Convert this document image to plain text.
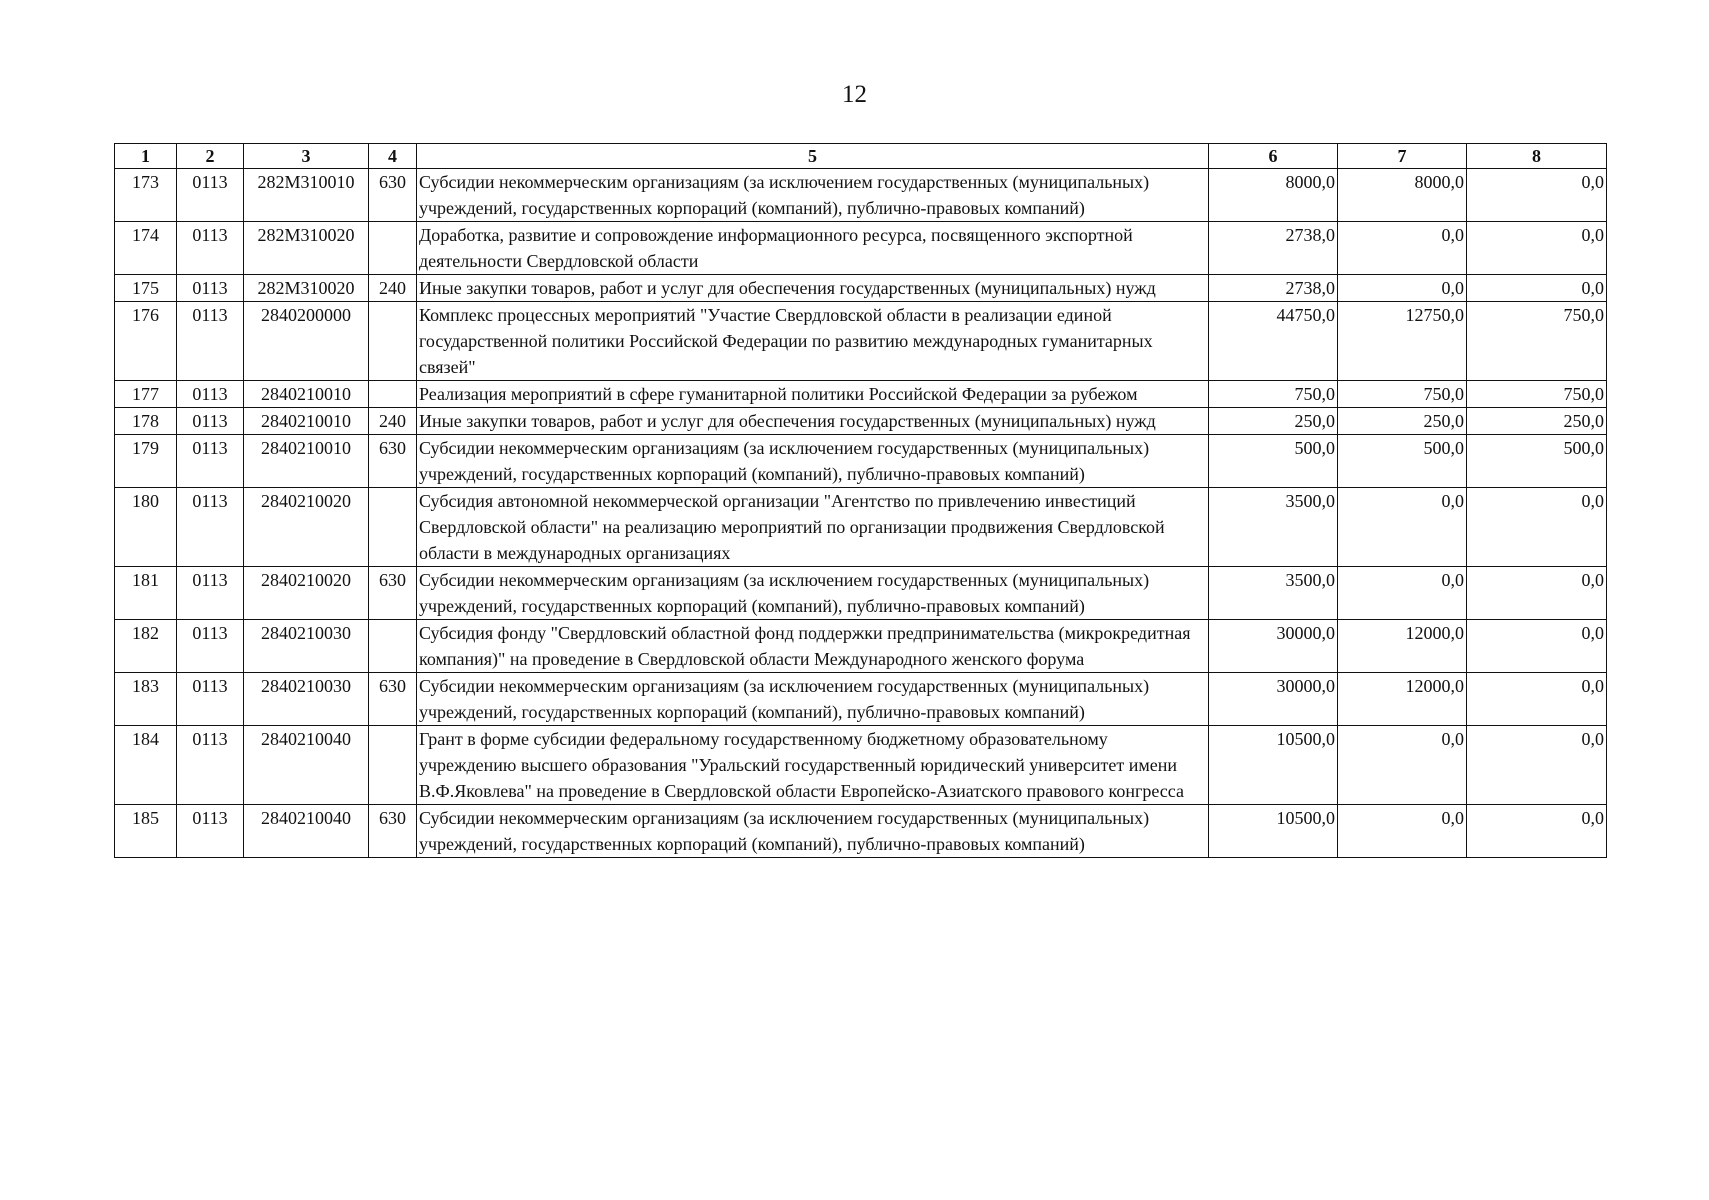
12
1	2	3	4	5	6	7	8
173	0113	282М310010	630	Субсидии некоммерческим организациям (за исключением государственных (муниципальных) учреждений, государственных корпораций (компаний), публично-правовых компаний)	8000,0	8000,0	0,0
174	0113	282М310020		Доработка, развитие и сопровождение информационного ресурса, посвященного экспортной деятельности Свердловской области	2738,0	0,0	0,0
175	0113	282М310020	240	Иные закупки товаров, работ и услуг для обеспечения государственных (муниципальных) нужд	2738,0	0,0	0,0
176	0113	2840200000		Комплекс процессных мероприятий "Участие Свердловской области в реализации единой государственной политики Российской Федерации по развитию международных гуманитарных связей"	44750,0	12750,0	750,0
177	0113	2840210010		Реализация мероприятий в сфере гуманитарной политики Российской Федерации за рубежом	750,0	750,0	750,0
178	0113	2840210010	240	Иные закупки товаров, работ и услуг для обеспечения государственных (муниципальных) нужд	250,0	250,0	250,0
179	0113	2840210010	630	Субсидии некоммерческим организациям (за исключением государственных (муниципальных) учреждений, государственных корпораций (компаний), публично-правовых компаний)	500,0	500,0	500,0
180	0113	2840210020		Субсидия автономной некоммерческой организации "Агентство по привлечению инвестиций Свердловской области" на реализацию мероприятий по организации продвижения Свердловской области в международных организациях	3500,0	0,0	0,0
181	0113	2840210020	630	Субсидии некоммерческим организациям (за исключением государственных (муниципальных) учреждений, государственных корпораций (компаний), публично-правовых компаний)	3500,0	0,0	0,0
182	0113	2840210030		Субсидия фонду "Свердловский областной фонд поддержки предпринимательства (микрокредитная компания)" на проведение в Свердловской области Международного женского форума	30000,0	12000,0	0,0
183	0113	2840210030	630	Субсидии некоммерческим организациям (за исключением государственных (муниципальных) учреждений, государственных корпораций (компаний), публично-правовых компаний)	30000,0	12000,0	0,0
184	0113	2840210040		Грант в форме субсидии федеральному государственному бюджетному образовательному учреждению высшего образования "Уральский государственный юридический университет имени В.Ф.Яковлева" на проведение в Свердловской области Европейско-Азиатского правового конгресса	10500,0	0,0	0,0
185	0113	2840210040	630	Субсидии некоммерческим организациям (за исключением государственных (муниципальных) учреждений, государственных корпораций (компаний), публично-правовых компаний)	10500,0	0,0	0,0
